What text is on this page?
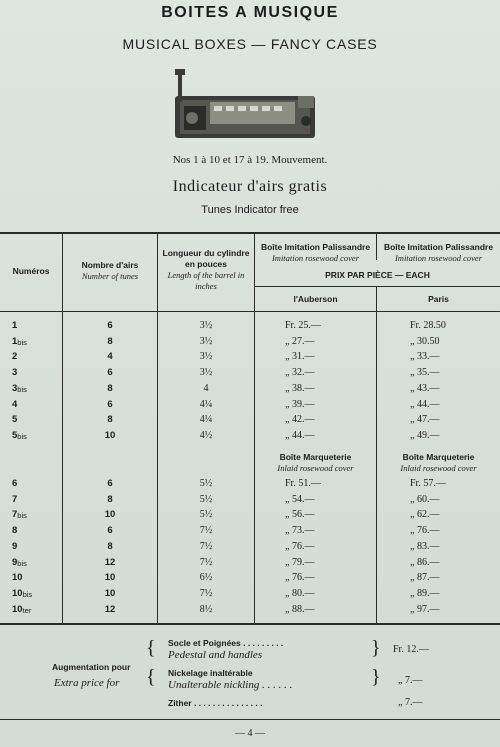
BOITES A MUSIQUE
MUSICAL BOXES — FANCY CASES
Nos 1 à 10 et 17 à 19. Mouvement.
Indicateur d'airs gratis
Tunes Indicator free
Numéros
Nombre d'airs
Number of tunes
Longueur du cylindre en pouces
Length of the barrel in inches
Boîte Imitation Palissandre
Imitation rosewood cover
Boîte Imitation Palissandre
Imitation rosewood cover
PRIX PAR PIÈCE — EACH
l'Auberson	Paris
Boîte Marqueterie
Inlaid rosewood cover
Boîte Marqueterie
Inlaid rosewood cover
1	6	3½	Fr. 25.—	Fr. 28.50
1bis	8	3½	„ 27.—	„ 30.50
2	4	3½	„ 31.—	„ 33.—
3	6	3½	„ 32.—	„ 35.—
3bis	8	4	„ 38.—	„ 43.—
4	6	4¼	„ 39.—	„ 44.—
5	8	4¼	„ 42.—	„ 47.—
5bis	10	4½	„ 44.—	„ 49.—
6	6	5½	Fr. 51.—	Fr. 57.—
7	8	5½	„ 54.—	„ 60.—
7bis	10	5½	„ 56.—	„ 62.—
8	6	7½	„ 73.—	„ 76.—
9	8	7½	„ 76.—	„ 83.—
9bis	12	7½	„ 79.—	„ 86.—
10	10	6½	„ 76.—	„ 87.—
10bis	10	7½	„ 80.—	„ 89.—
10ter	12	8½	„ 88.—	„ 97.—
Augmentation pour
Extra price for
{
{
}
}
Socle et Poignées . . . . . . . . .
Pedestal and handles	Fr. 12.—
Nickelage inaltérable
Unalterable nickling . . . . . .	„ 7.—
Zither . . . . . . . . . . . . . . .	„ 7.—
— 4 —
